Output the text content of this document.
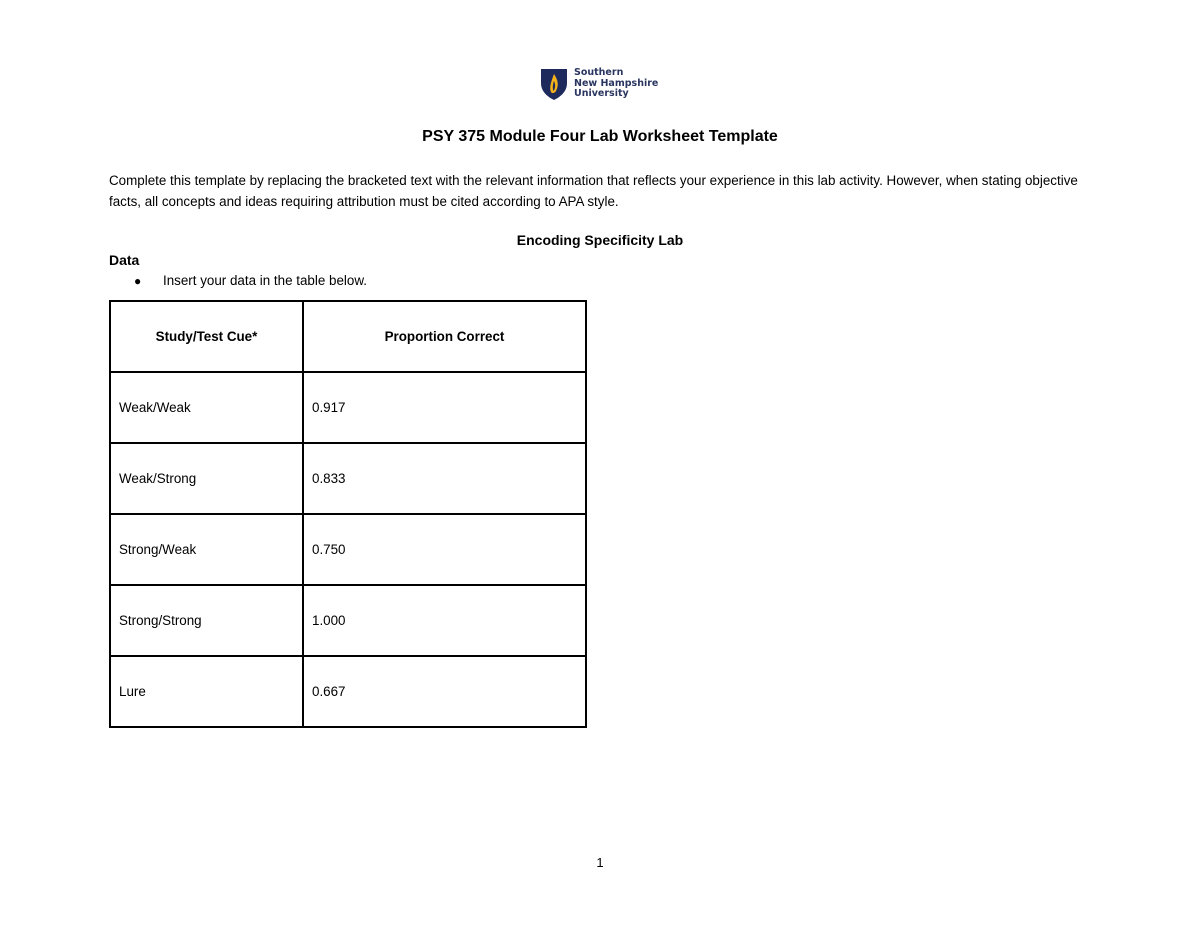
Southern
New Hampshire
University
PSY 375 Module Four Lab Worksheet Template
Complete this template by replacing the bracketed text with the relevant information that reflects your experience in this lab activity. However, when stating objective facts, all concepts and ideas requiring attribution must be cited according to APA style.
Encoding Specificity Lab
Data
●	Insert your data in the table below.
Study/Test Cue*	Proportion Correct
Weak/Weak	0.917
Weak/Strong	0.833
Strong/Weak	0.750
Strong/Strong	1.000
Lure	0.667
1
